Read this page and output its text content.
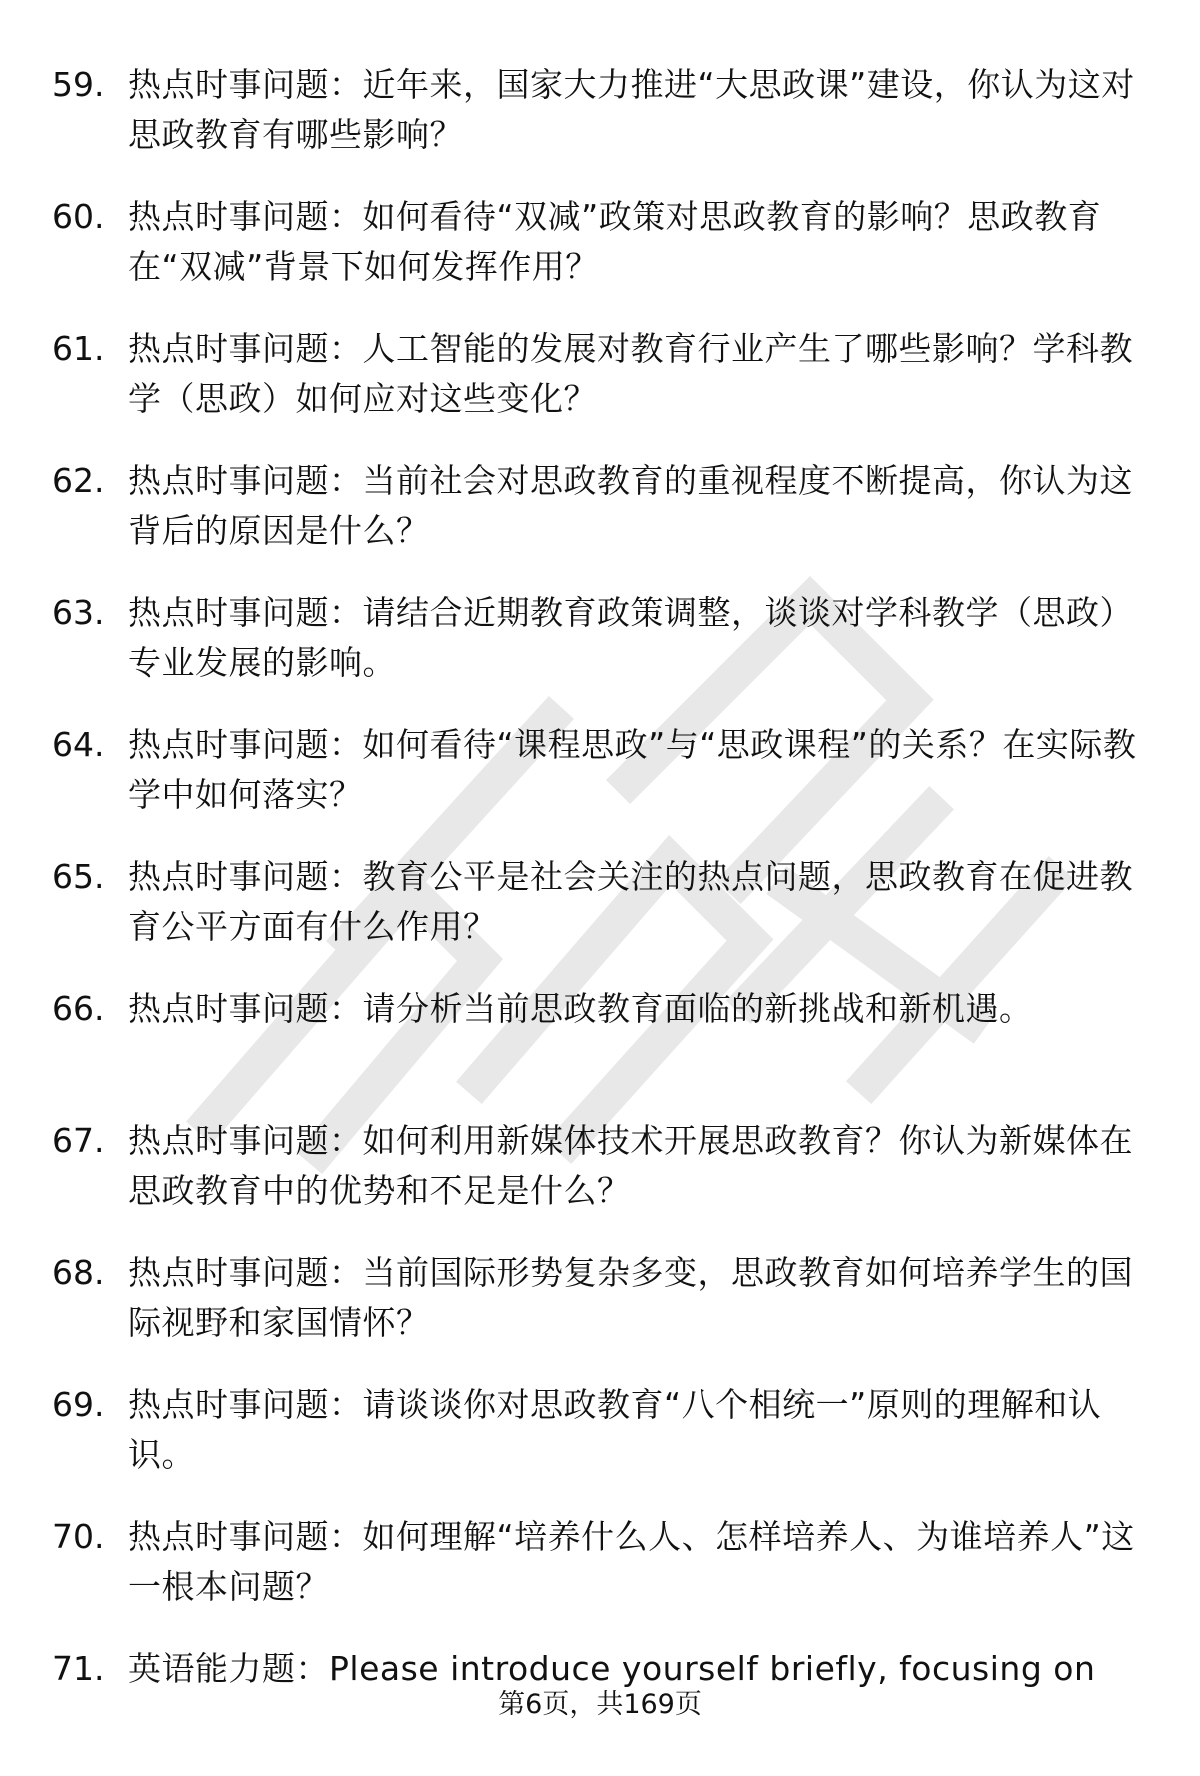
59. 热点时事问题：近年来，国家大力推进“大思政课”建设，你认为这对思政教育有哪些影响？
60. 热点时事问题：如何看待“双减”政策对思政教育的影响？思政教育在“双减”背景下如何发挥作用？
61. 热点时事问题：人工智能的发展对教育行业产生了哪些影响？学科教学（思政）如何应对这些变化？
62. 热点时事问题：当前社会对思政教育的重视程度不断提高，你认为这背后的原因是什么？
63. 热点时事问题：请结合近期教育政策调整，谈谈对学科教学（思政）专业发展的影响。
64. 热点时事问题：如何看待“课程思政”与“思政课程”的关系？在实际教学中如何落实？
65. 热点时事问题：教育公平是社会关注的热点问题，思政教育在促进教育公平方面有什么作用？
66. 热点时事问题：请分析当前思政教育面临的新挑战和新机遇。
67. 热点时事问题：如何利用新媒体技术开展思政教育？你认为新媒体在思政教育中的优势和不足是什么？
68. 热点时事问题：当前国际形势复杂多变，思政教育如何培养学生的国际视野和家国情怀？
69. 热点时事问题：请谈谈你对思政教育“八个相统一”原则的理解和认识。
70. 热点时事问题：如何理解“培养什么人、怎样培养人、为谁培养人”这一根本问题？
71. 英语能力题：Please introduce yourself briefly, focusing on
第6页，共169页
